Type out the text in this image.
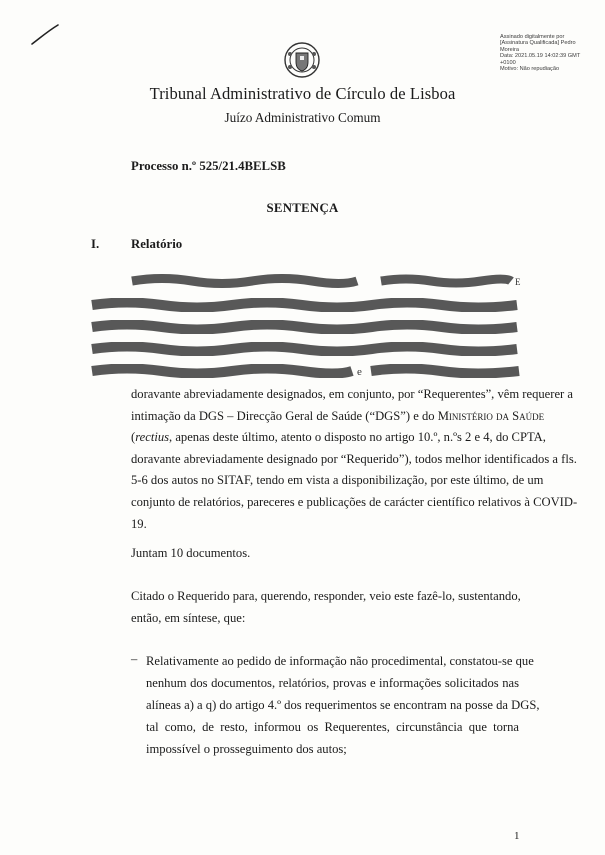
Assinado digitalmente por
[Assinatura Qualificada] Pedro
Moreira
Data: 2021.05.19 14:02:39 GMT
+0100
Motivo: Não repudiação
Tribunal Administrativo de Círculo de Lisboa
Juízo Administrativo Comum
Processo n.º 525/21.4BELSB
SENTENÇA
I. Relatório
E
e
doravante abreviadamente designados, em conjunto, por “Requerentes”, vêm requerer a
intimação da DGS – Direcção Geral de Saúde (“DGS”) e do Ministério da Saúde
(rectius, apenas deste último, atento o disposto no artigo 10.º, n.ºs 2 e 4, do CPTA,
doravante abreviadamente designado por “Requerido”), todos melhor identificados a fls.
5-6 dos autos no SITAF, tendo em vista a disponibilização, por este último, de um
conjunto de relatórios, pareceres e publicações de carácter científico relativos à COVID-
19.
Juntam 10 documentos.
Citado o Requerido para, querendo, responder, veio este fazê-lo, sustentando,
então, em síntese, que:
– Relativamente ao pedido de informação não procedimental, constatou-se que
nenhum dos documentos, relatórios, provas e informações solicitados nas
alíneas a) a q) do artigo 4.º dos requerimentos se encontram na posse da DGS,
tal como, de resto, informou os Requerentes, circunstância que torna
impossível o prosseguimento dos autos;
1
